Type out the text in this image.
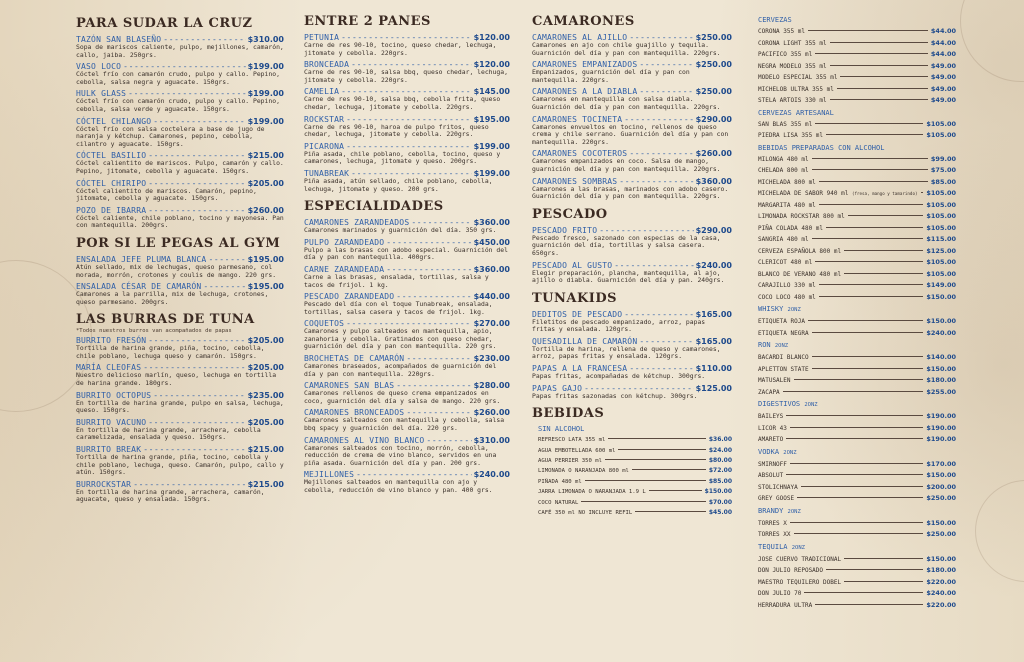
PARA SUDAR LA CRUZ
TAZÓN SAN BLASEÑO -----	$310.00
Sopa de mariscos caliente, pulpo, mejillones, camarón, callo, jaiba. 250grs.
VASO LOCO -----	$199.00
Cóctel frío con camarón crudo, pulpo y callo. Pepino, cebolla, salsa negra y aguacate. 150grs.
HULK GLASS -----	$199.00
Cóctel frío con camarón crudo, pulpo y callo. Pepino, cebolla, salsa verde y aguacate. 150grs.
CÓCTEL CHILANGO -----	$199.00
Cóctel frío con salsa coctelera a base de jugo de naranja y kétchup. Camarones, pepino, cebolla, cilantro y aguacate. 150grs.
CÓCTEL BASILIO -----	$215.00
Cóctel calientito de mariscos. Pulpo, camarón y callo. Pepino, jitomate, cebolla y aguacate. 150grs.
CÓCTEL CHIRIPO -----	$205.00
Cóctel calientito de mariscos. Camarón, pepino, jitomate, cebolla y aguacate. 150grs.
POZO DE IBARRA -----	$260.00
Cóctel caliente, chile poblano, tocino y mayonesa. Pan con mantequilla. 200grs.
POR SI LE PEGAS AL GYM
ENSALADA JEFE PLUMA BLANCA -----	$195.00
Atún sellado, mix de lechugas, queso parmesano, col morada, morrón, crotones y coulis de mango. 220 grs.
ENSALADA CÉSAR DE CAMARÓN -----	$195.00
Camarones a la parrilla, mix de lechuga, crotones, queso parmesano. 200grs.
LAS BURRAS DE TUNA
*Todos nuestros burros van acompañados de papas
BURRITO FRESÓN -----	$205.00
Tortilla de harina grande, piña, tocino, cebolla, chile poblano, lechuga queso y camarón. 150grs.
MARÍA CLEOFAS -----	$205.00
Nuestro delicioso marlín, queso, lechuga en tortilla de harina grande. 180grs.
BURRITO OCTOPUS -----	$235.00
En tortilla de harina grande, pulpo en salsa, lechuga, queso. 150grs.
BURRITO VACUNO -----	$205.00
En tortilla de harina grande, arrachera, cebolla caramelizada, ensalada y queso. 150grs.
BURRITO BREAK -----	$215.00
Tortilla de harina grande, piña, tocino, cebolla y chile poblano, lechuga, queso. Camarón, pulpo, callo y atún. 150grs.
BURROCKSTAR -----	$215.00
En tortilla de harina grande, arrachera, camarón, aguacate, queso y ensalada. 150grs.
ENTRE 2 PANES
PETUNIA -----	$120.00
Carne de res 90-10, tocino, queso chedar, lechuga, jitomate y cebolla. 220grs.
BRONCEADA -----	$120.00
Carne de res 90-10, salsa bbq, queso chedar, lechuga, jitomate y cebolla. 220grs.
CAMELIA -----	$145.00
Carne de res 90-10, salsa bbq, cebolla frita, queso chedar, lechuga, jitomate y cebolla. 220grs.
ROCKSTAR -----	$195.00
Carne de res 90-10, haroa de pulpo fritos, queso chedar, lechuga, jitomate y cebolla. 220grs.
PICARONA -----	$199.00
Piña asada, chile poblano, cebolla, tocino, queso y camarones, lechuga, jitomate y queso. 200grs.
TUNABREAK -----	$199.00
Piña asada, atún sellado, chile poblano, cebolla, lechuga, jitomate y queso. 200 grs.
ESPECIALIDADES
CAMARONES ZARANDEADOS -----	$360.00
Camarones marinados y guarnición del día. 350 grs.
PULPO ZARANDEADO -----	$450.00
Pulpo a las brasas con adobo especial. Guarnición del día y pan con mantequilla. 400grs.
CARNE ZARANDEADA -----	$360.00
Carne a las brasas, ensalada, tortillas, salsa y tacos de frijol. 1 kg.
PESCADO ZARANDEADO -----	$440.00
Pescado del día con el toque Tunabreak, ensalada, tortillas, salsa casera y tacos de frijol. 1kg.
COQUETOS -----	$270.00
Camarones y pulpo salteados en mantequilla, apio, zanahoria y cebolla. Gratinados con queso chedar, guarnición del día y pan con mantequilla. 220 grs.
BROCHETAS DE CAMARÓN -----	$230.00
Camarones braseados, acompañados de guarnición del día y pan con mantequilla. 220grs.
CAMARONES SAN BLAS -----	$280.00
Camarones rellenos de queso crema empanizados en coco, guarnición del día y salsa de mango. 220 grs.
CAMARONES BRONCEADOS -----	$260.00
Camarones salteados con mantequilla y cebolla, salsa bbq spacy y guarnición del día. 220 grs.
CAMARONES AL VINO BLANCO -----	$310.00
Camarones salteados con tocino, morrón, cebolla, reducción de crema de vino blanco, servidos en una piña asada. Guarnición del día y pan. 200 grs.
MEJILLONES -----	$240.00
Mejillones salteados en mantequilla con ajo y cebolla, reducción de vino blanco y pan. 400 grs.
CAMARONES
CAMARONES AL AJILLO -----	$250.00
Camarones en ajo con chile guajillo y tequila. Guarnición del día y pan con mantequilla. 220grs.
CAMARONES EMPANIZADOS -----	$250.00
Empanizados, guarnición del día y pan con mantequilla. 220grs.
CAMARONES A LA DIABLA -----	$250.00
Camarones en mantequilla con salsa diabla. Guarnición del día y pan con mantequilla. 220grs.
CAMARONES TOCINETA -----	$290.00
Camarones envueltos en tocino, rellenos de queso crema y chile serrano. Guarnición del día y pan con mantequilla. 220grs.
CAMARONES COCOTEROS -----	$260.00
Camarones empanizados en coco. Salsa de mango, guarnición del día y pan con mantequilla. 220grs.
CAMARONES SOMBRAS -----	$360.00
Camarones a las brasas, marinados con adobo casero. Guarnición del día y pan con mantequilla. 220grs.
PESCADO
PESCADO FRITO -----	$290.00
Pescado fresco, sazonado con especias de la casa, guarnición del día, tortillas y salsa casera. 650grs.
PESCADO AL GUSTO -----	$240.00
Elegir preparación, plancha, mantequilla, al ajo, ajillo o diabla. Guarnición del día y pan. 240grs.
TUNAKIDS
DEDITOS DE PESCADO -----	$165.00
Filetitos de pescado empanizado, arroz, papas fritas y ensalada. 120grs.
QUESADILLA DE CAMARÓN -----	$165.00
Tortilla de harina, rellena de queso y camarones, arroz, papas fritas y ensalada. 120grs.
PAPAS A LA FRANCESA -----	$110.00
Papas fritas, acompañadas de kétchup. 300grs.
PAPAS GAJO -----	$125.00
Papas fritas sazonadas con kétchup. 300grs.
BEBIDAS
SIN ALCOHOL
REFRESCO LATA 355 ml	$36.00
AGUA EMBOTELLADA 600 ml	$24.00
AGUA PERRIER 350 ml	$80.00
LIMONADA O NARANJADA 800 ml	$72.00
PIÑADA 480 ml	$85.00
JARRA LIMONADA O NARANJADA 1.9 L	$150.00
COCO NATURAL	$70.00
CAFÉ 350 ml NO INCLUYE REFIL	$45.00
CERVEZAS
CORONA 355 ml	$44.00
CORONA LIGHT 355 ml	$44.00
PACIFICO 355 ml	$44.00
NEGRA MODELO 355 ml	$49.00
MODELO ESPECIAL 355 ml	$49.00
MICHELOB ULTRA 355 ml	$49.00
STELA ARTOIS 330 ml	$49.00
CERVEZAS ARTESANAL
SAN BLAS 355 ml	$105.00
PIEDRA LISA 355 ml	$105.00
BEBIDAS PREPARADAS CON ALCOHOL
MILONGA 480 ml	$99.00
CHELADA 800 ml	$75.00
MICHELADA 800 ml	$85.00
MICHELADA DE SABOR 940 ml (fresa, mango y tamarindo) $105.00
MARGARITA 480 ml	$105.00
LIMONADA ROCKSTAR 800 ml	$105.00
PIÑA COLADA 480 ml	$105.00
SANGRIA 480 ml	$115.00
CERVEZA ESPAÑOLA 800 ml	$125.00
CLERICOT 480 ml	$105.00
BLANCO DE VERANO 480 ml	$105.00
CARAJILLO 330 ml	$149.00
COCO LOCO 480 ml	$150.00
WHISKY 2ONZ
ETIQUETA ROJA	$150.00
ETIQUETA NEGRA	$240.00
RON 2ONZ
BACARDI BLANCO	$140.00
APLETTON STATE	$150.00
MATUSALEN	$180.00
ZACAPA	$255.00
DIGESTIVOS 2ONZ
BAILEYS	$190.00
LICOR 43	$190.00
AMARETO	$190.00
VODKA 2ONZ
SMIRNOFF	$170.00
ABSOLUT	$150.00
STOLICHNAYA	$200.00
GREY GOOSE	$250.00
BRANDY 2ONZ
TORRES X	$150.00
TORRES XX	$250.00
TEQUILA 2ONZ
JOSE CUERVO TRADICIONAL	$150.00
DON JULIO REPOSADO	$180.00
MAESTRO TEQUILERO DOBEL	$220.00
DON JULIO 70	$240.00
HERRADURA ULTRA	$220.00
